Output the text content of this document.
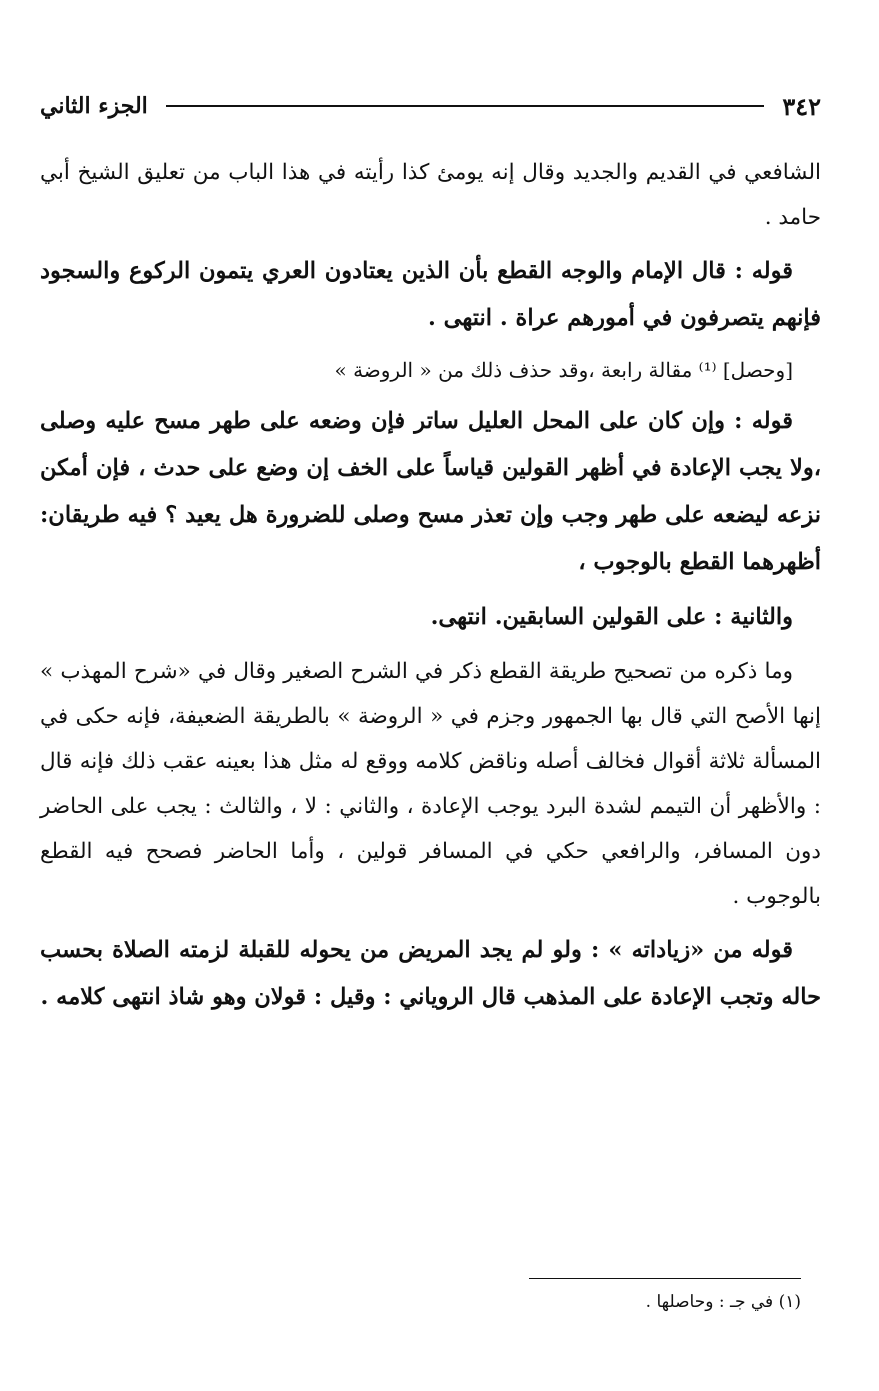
٣٤٢
الجزء الثاني

الشافعي في القديم والجديد وقال إنه يومئ كذا رأيته في هذا الباب من تعليق الشيخ أبي حامد .

قوله : قال الإمام والوجه القطع بأن الذين يعتادون العري يتمون الركوع والسجود فإنهم يتصرفون في أمورهم عراة . انتهى .

[وحصل] ⁽¹⁾ مقالة رابعة ،وقد حذف ذلك من « الروضة »

قوله : وإن كان على المحل العليل ساتر فإن وضعه على طهر مسح عليه وصلى ،ولا يجب الإعادة في أظهر القولين قياساً على الخف إن وضع على حدث ، فإن أمكن نزعه ليضعه على طهر وجب وإن تعذر مسح وصلى للضرورة هل يعيد ؟ فيه طريقان: أظهرهما القطع بالوجوب ،

والثانية : على القولين السابقين. انتهى.

وما ذكره من تصحيح طريقة القطع ذكر في الشرح الصغير وقال في «شرح المهذب » إنها الأصح التي قال بها الجمهور وجزم في « الروضة » بالطريقة الضعيفة، فإنه حكى في المسألة ثلاثة أقوال فخالف أصله وناقض كلامه ووقع له مثل هذا بعينه عقب ذلك فإنه قال : والأظهر أن التيمم لشدة البرد يوجب الإعادة ، والثاني : لا ، والثالث : يجب على الحاضر دون المسافر، والرافعي حكي في المسافر قولين ، وأما الحاضر فصحح فيه القطع بالوجوب .

قوله من «زياداته » : ولو لم يجد المريض من يحوله للقبلة لزمته الصلاة بحسب حاله وتجب الإعادة على المذهب قال الروياني : وقيل : قولان وهو شاذ انتهى كلامه .

(١) في جـ : وحاصلها .
